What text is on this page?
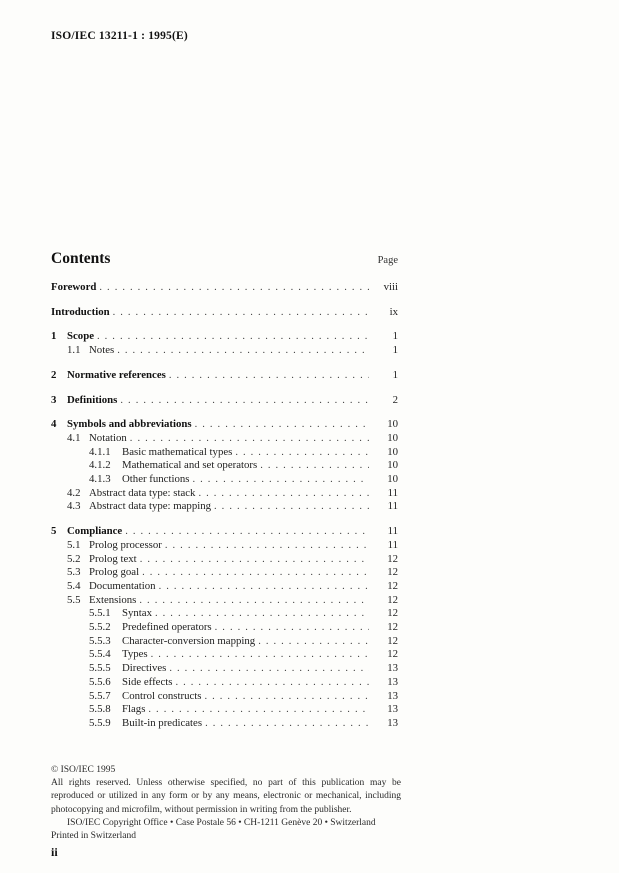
ISO/IEC 13211-1 : 1995(E)
Contents	Page
Foreword . . .	viii
Introduction . . .	ix
1 Scope . . .	1
1.1 Notes . . .	1
2 Normative references . . .	1
3 Definitions . . .	2
4 Symbols and abbreviations . . .	10
4.1 Notation . . .	10
4.1.1	Basic mathematical types . . .	10
4.1.2	Mathematical and set operators . . .	10
4.1.3	Other functions . . .	10
4.2 Abstract data type: stack . . .	11
4.3 Abstract data type: mapping . . .	11
5 Compliance . . .	11
5.1 Prolog processor . . .	11
5.2 Prolog text . . .	12
5.3 Prolog goal . . .	12
5.4 Documentation . . .	12
5.5 Extensions . . .	12
5.5.1	Syntax . . .	12
5.5.2	Predefined operators . . .	12
5.5.3	Character-conversion mapping . . .	12
5.5.4	Types . . .	12
5.5.5	Directives . . .	13
5.5.6	Side effects . . .	13
5.5.7	Control constructs . . .	13
5.5.8	Flags . . .	13
5.5.9	Built-in predicates . . .	13
© ISO/IEC 1995
All rights reserved. Unless otherwise specified, no part of this publication may be reproduced or utilized in any form or by any means, electronic or mechanical, including photocopying and microfilm, without permission in writing from the publisher.
ISO/IEC Copyright Office • Case Postale 56 • CH-1211 Genève 20 • Switzerland
Printed in Switzerland
ii
